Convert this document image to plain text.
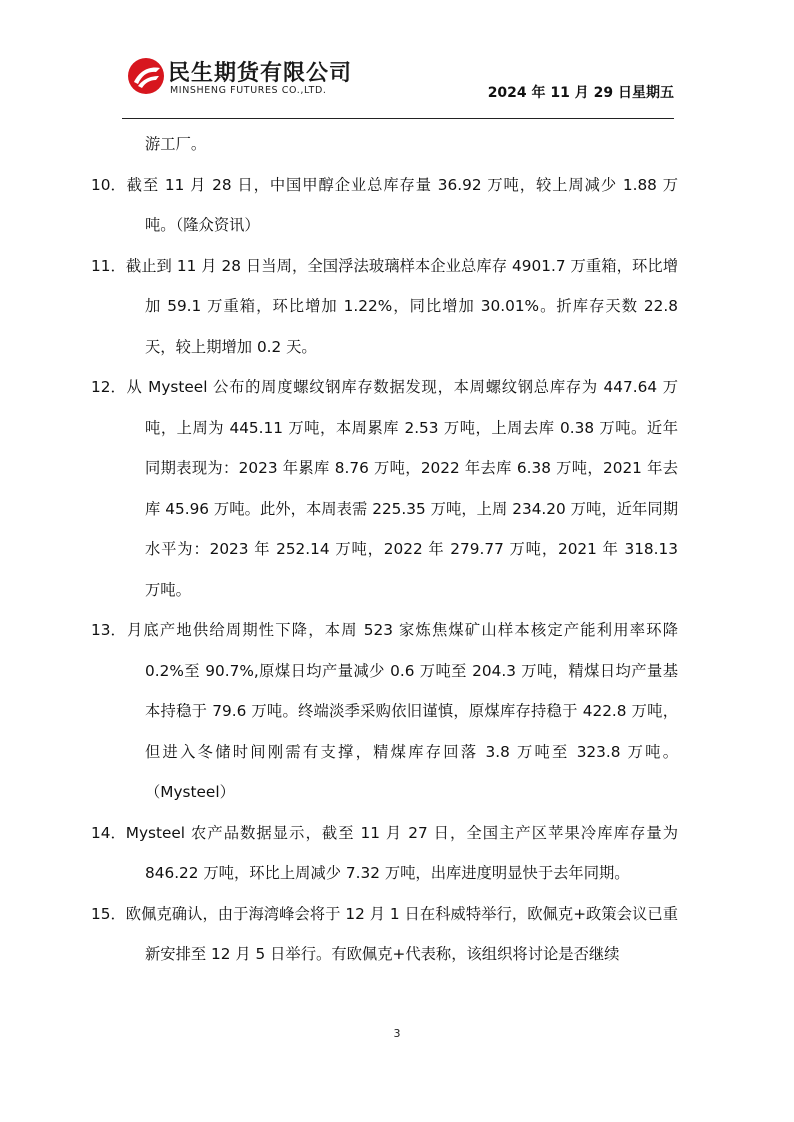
民生期货有限公司
MINSHENG FUTURES CO.,LTD.	2024 年 11 月 29 日星期五

游工厂。

10．截至 11 月 28 日，中国甲醇企业总库存量 36.92 万吨，较上周减少 1.88 万吨。（隆众资讯）

11．截止到 11 月 28 日当周，全国浮法玻璃样本企业总库存 4901.7 万重箱，环比增加 59.1 万重箱，环比增加 1.22%，同比增加 30.01%。折库存天数 22.8 天，较上期增加 0.2 天。

12．从 Mysteel 公布的周度螺纹钢库存数据发现，本周螺纹钢总库存为 447.64 万吨，上周为 445.11 万吨，本周累库 2.53 万吨，上周去库 0.38 万吨。近年同期表现为：2023 年累库 8.76 万吨，2022 年去库 6.38 万吨，2021 年去库 45.96 万吨。此外，本周表需 225.35 万吨，上周 234.20 万吨，近年同期水平为：2023 年 252.14 万吨，2022 年 279.77 万吨，2021 年 318.13 万吨。

13．月底产地供给周期性下降，本周 523 家炼焦煤矿山样本核定产能利用率环降 0.2%至 90.7%,原煤日均产量减少 0.6 万吨至 204.3 万吨，精煤日均产量基本持稳于 79.6 万吨。终端淡季采购依旧谨慎，原煤库存持稳于 422.8 万吨，但进入冬储时间刚需有支撑，精煤库存回落 3.8 万吨至 323.8 万吨。（Mysteel）

14．Mysteel 农产品数据显示，截至 11 月 27 日，全国主产区苹果冷库库存量为 846.22 万吨，环比上周减少 7.32 万吨，出库进度明显快于去年同期。

15．欧佩克确认，由于海湾峰会将于 12 月 1 日在科威特举行，欧佩克+政策会议已重新安排至 12 月 5 日举行。有欧佩克+代表称，该组织将讨论是否继续

3
